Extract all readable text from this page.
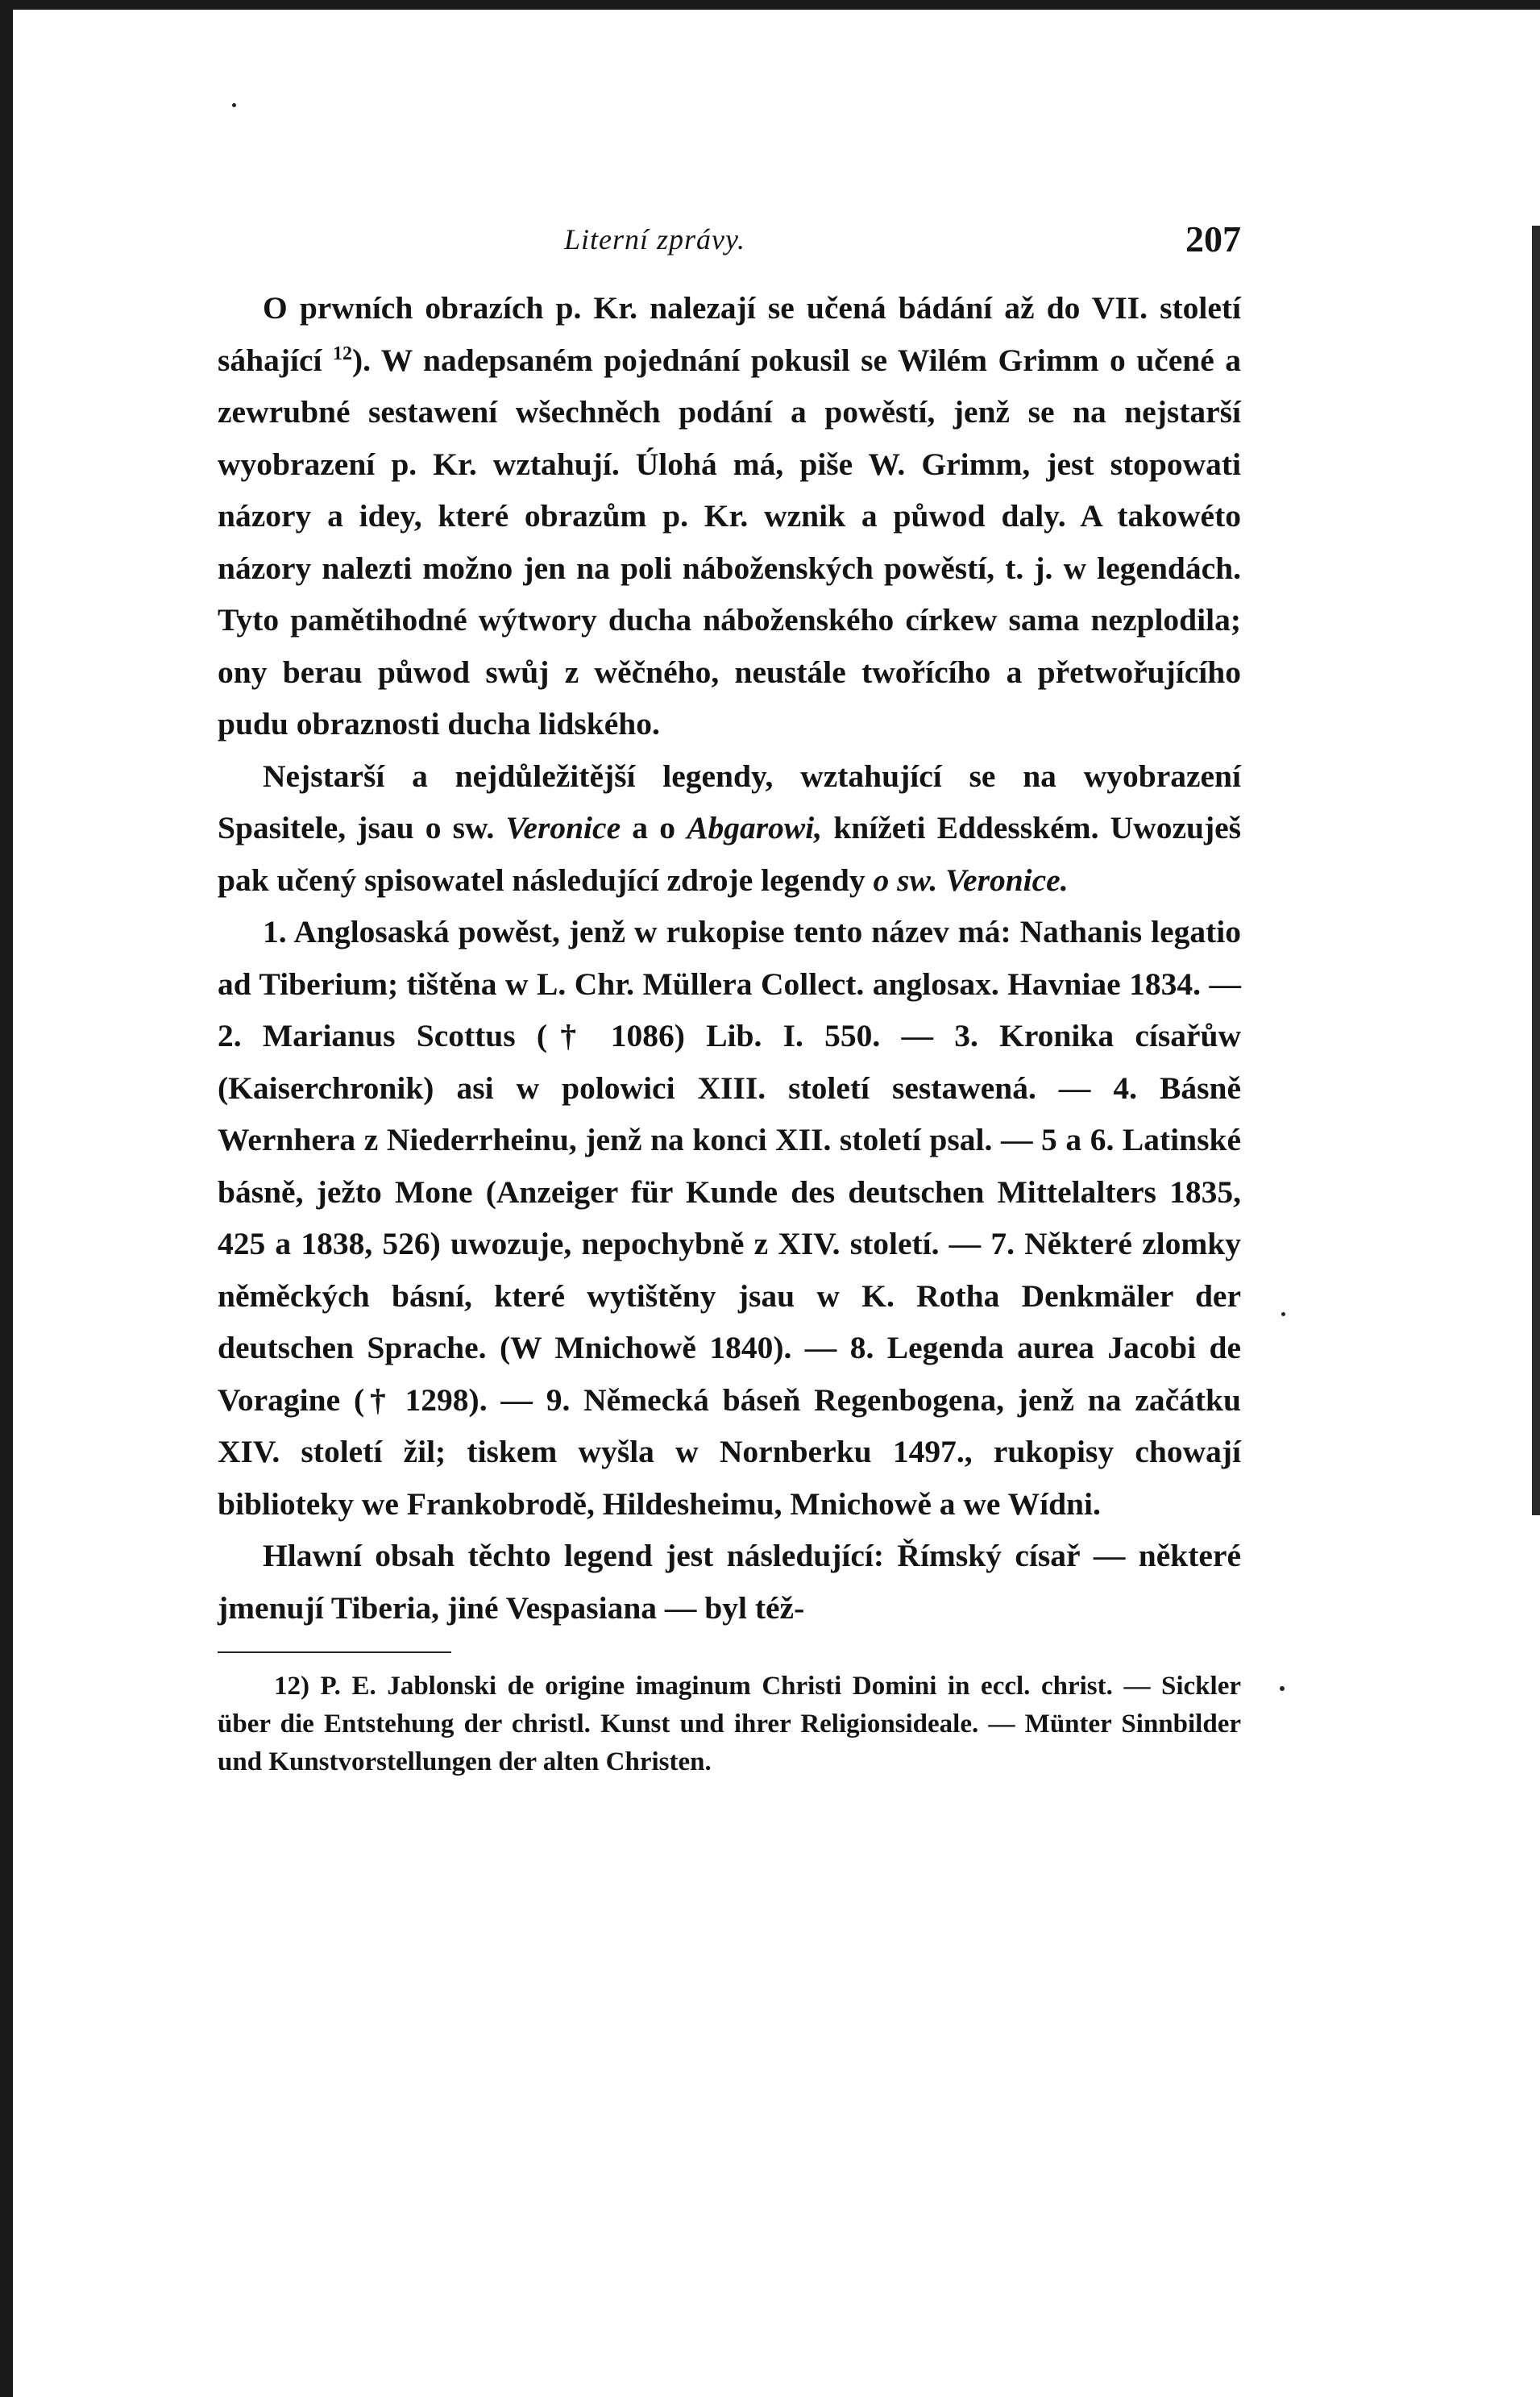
Literní zprávy.	207

O prwních obrazích p. Kr. nalezají se učená bádání až do VII. století sáhající $^{12}$). W nadepsaném pojednání pokusil se Wilém Grimm o učené a zewrubné sestawení wšechněch podání a powěstí, jenž se na nejstarší wyobrazení p. Kr. wztahují. Úlohá má, piše W. Grimm, jest stopowati názory a idey, které obrazům p. Kr. wznik a půwod daly. A takowéto názory nalezti možno jen na poli náboženských powěstí, t. j. w legendách. Tyto pamětihodné wýtwory ducha náboženského církew sama nezplodila; ony berau půwod swůj z wěčného, neustále twořícího a přetwořujícího pudu obraznosti ducha lidského.

Nejstarší a nejdůležitější legendy, wztahující se na wyobrazení Spasitele, jsau o sw. Veronice a o Abgarowi, knížeti Eddesském. Uwozuješ pak učený spisowatel následující zdroje legendy o sw. Veronice.

1. Anglosaská powěst, jenž w rukopise tento název má: Nathanis legatio ad Tiberium; tištěna w L. Chr. Müllera Collect. anglosax. Havniae 1834. — 2. Marianus Scottus († 1086) Lib. I. 550. — 3. Kronika císařůw (Kaiserchronik) asi w polowici XIII. století sestawená. — 4. Básně Wernhera z Niederrheinu, jenž na konci XII. století psal. — 5 a 6. Latinské básně, ježto Mone (Anzeiger für Kunde des deutschen Mittelalters 1835, 425 a 1838, 526) uwozuje, nepochybně z XIV. století. — 7. Některé zlomky něměckých básní, které wytištěny jsau w K. Rotha Denkmäler der deutschen Sprache. (W Mnichowě 1840). — 8. Legenda aurea Jacobi de Voragine († 1298). — 9. Německá báseň Regenbogena, jenž na začátku XIV. století žil; tiskem wyšla w Nornberku 1497., rukopisy chowají biblioteky we Frankobrodě, Hildesheimu, Mnichowě a we Wídni.

Hlawní obsah těchto legend jest následující: Římský císař — některé jmenují Tiberia, jiné Vespasiana — byl též-

12) P. E. Jablonski de origine imaginum Christi Domini in eccl. christ. — Sickler über die Entstehung der christl. Kunst und ihrer Religionsideale. — Münter Sinnbilder und Kunstvorstellungen der alten Christen.
